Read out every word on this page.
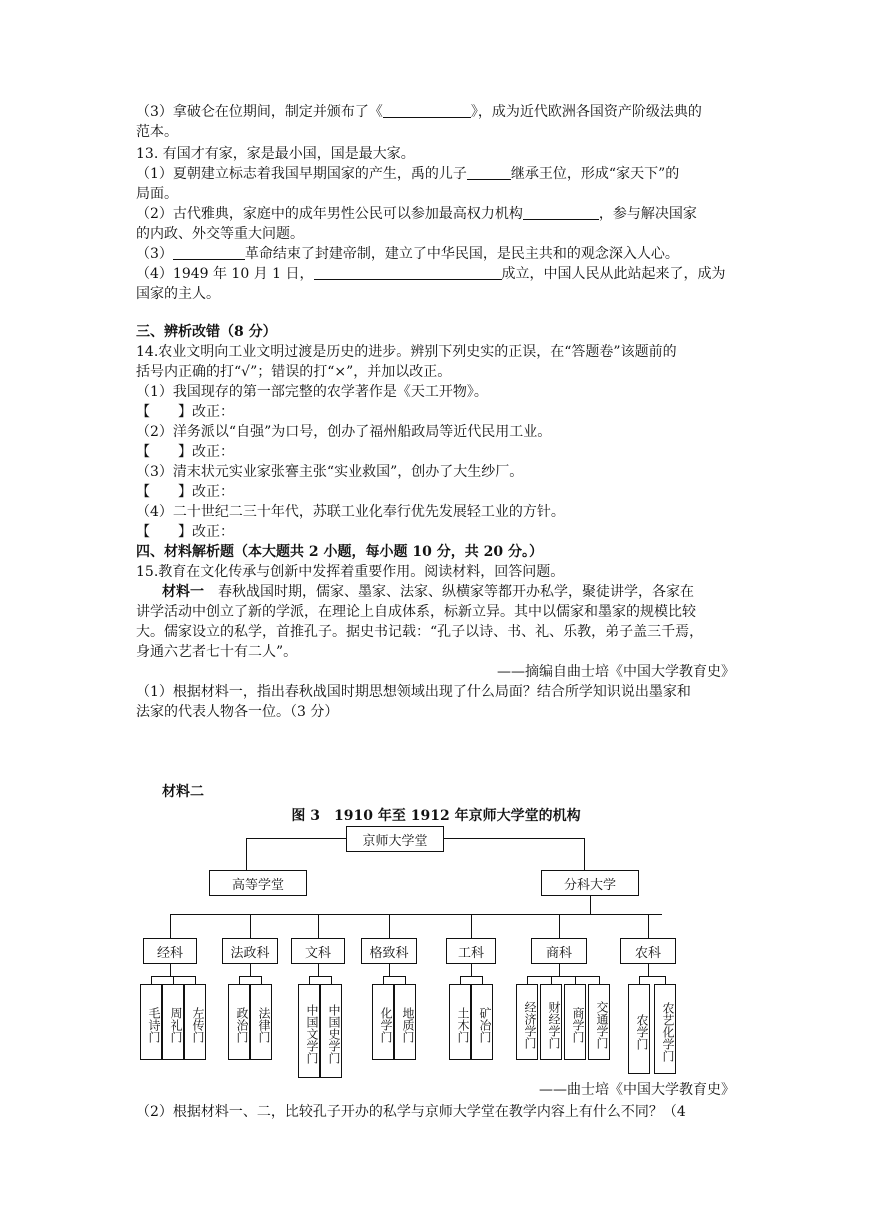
（3）拿破仑在位期间，制定并颁布了《	》，成为近代欧洲各国资产阶级法典的
范本。
13. 有国才有家，家是最小国，国是最大家。
（1）夏朝建立标志着我国早期国家的产生，禹的儿子	继承王位，形成“家天下”的
局面。
（2）古代雅典，家庭中的成年男性公民可以参加最高权力机构	，参与解决国家
的内政、外交等重大问题。
（3）	革命结束了封建帝制，建立了中华民国，是民主共和的观念深入人心。
（4）1949 年 10 月 1 日，	成立，中国人民从此站起来了，成为
国家的主人。
三、辨析改错（8 分）
14.农业文明向工业文明过渡是历史的进步。辨别下列史实的正误，在“答题卷”该题前的
括号内正确的打“√”；错误的打“×”，并加以改正。
（1）我国现存的第一部完整的农学著作是《天工开物》。
【　　】改正：
（2）洋务派以“自强”为口号，创办了福州船政局等近代民用工业。
【　　】改正：
（3）清末状元实业家张謇主张“实业救国”，创办了大生纱厂。
【　　】改正：
（4）二十世纪二三十年代，苏联工业化奉行优先发展轻工业的方针。
【　　】改正：
四、材料解析题（本大题共 2 小题，每小题 10 分，共 20 分。）
15.教育在文化传承与创新中发挥着重要作用。阅读材料，回答问题。
材料一　春秋战国时期，儒家、墨家、法家、纵横家等都开办私学，聚徒讲学，各家在
讲学活动中创立了新的学派，在理论上自成体系，标新立异。其中以儒家和墨家的规模比较
大。儒家设立的私学，首推孔子。据史书记载：“孔子以诗、书、礼、乐教，弟子盖三千焉，
身通六艺者七十有二人”。
——摘编自曲士培《中国大学教育史》
（1）根据材料一，指出春秋战国时期思想领域出现了什么局面？结合所学知识说出墨家和
法家的代表人物各一位。（3 分）
材料二
图 3　1910 年至 1912 年京师大学堂的机构
京师大学堂
高等学堂	分科大学
经科
毛诗门 周礼门 左传门
法政科
政治门 法律门
文科
中国文学门 中国史学门
格致科
化学门 地质门
工科
土木门 矿冶门
商科
经济学门 财经学门 商学门 交通学门
农科
农学门	农艺化学门
——曲士培《中国大学教育史》
（2）根据材料一、二，比较孔子开办的私学与京师大学堂在教学内容上有什么不同？（4
